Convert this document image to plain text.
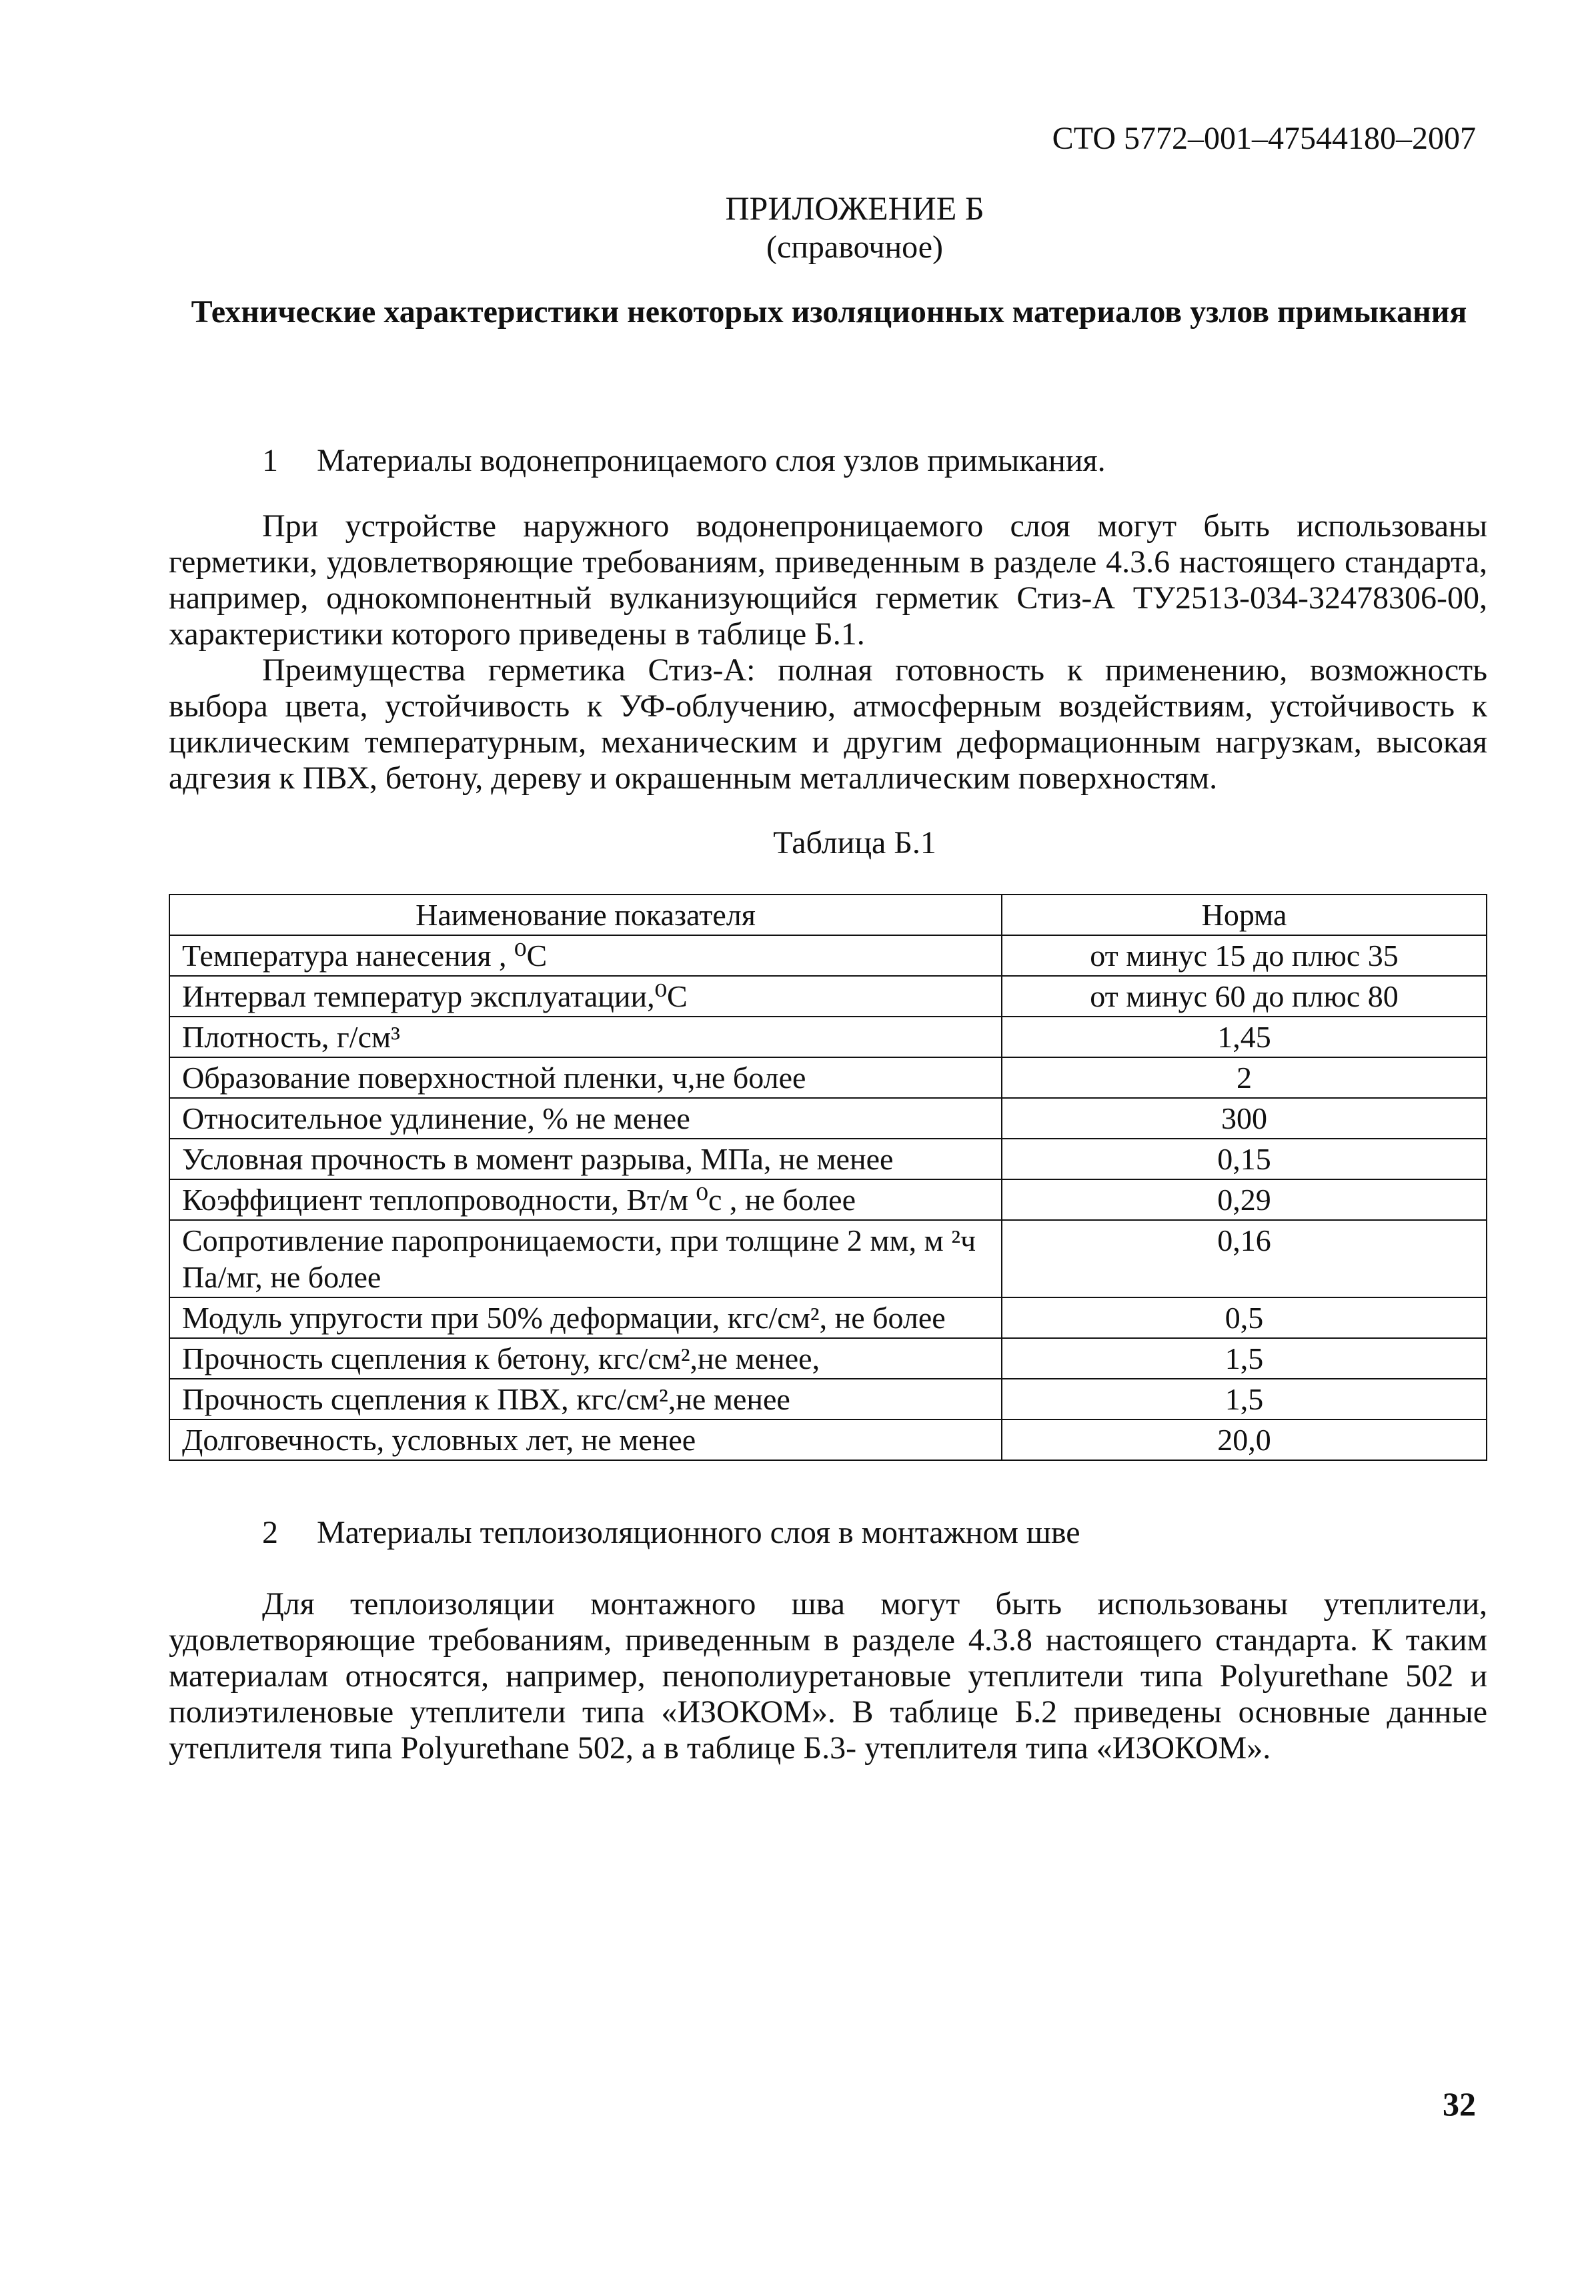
СТО 5772–001–47544180–2007
ПРИЛОЖЕНИЕ Б
(справочное)
Технические характеристики некоторых изоляционных материалов узлов примыкания
1 Материалы водонепроницаемого слоя узлов примыкания.
При устройстве наружного водонепроницаемого слоя могут быть использованы герметики, удовлетворяющие требованиям, приведенным в разделе 4.3.6 настоящего стандарта, например, однокомпонентный вулканизующийся герметик Стиз-А ТУ2513-034-32478306-00, характеристики которого приведены в таблице Б.1.
Преимущества герметика Стиз-А: полная готовность к применению, возможность выбора цвета, устойчивость к УФ-облучению, атмосферным воздействиям, устойчивость к циклическим температурным, механическим и другим деформационным нагрузкам, высокая адгезия к ПВХ, бетону, дереву и окрашенным металлическим поверхностям.
Таблица Б.1
Наименование показателя	Норма
Температура нанесения , ⁰С	от минус 15 до плюс 35
Интервал температур эксплуатации,⁰С	от минус 60 до плюс 80
Плотность, г/см³	1,45
Образование поверхностной пленки, ч,не более	2
Относительное удлинение, % не менее	300
Условная прочность в момент разрыва, МПа, не менее	0,15
Коэффициент теплопроводности, Вт/м ⁰с , не более	0,29
Сопротивление паропроницаемости, при толщине 2 мм, м ²ч Па/мг, не более	0,16
Модуль упругости при 50% деформации, кгс/см², не более	0,5
Прочность сцепления к бетону, кгс/см²,не менее,	1,5
Прочность сцепления к ПВХ, кгс/см²,не менее	1,5
Долговечность, условных лет, не менее	20,0
2 Материалы теплоизоляционного слоя в монтажном шве
Для теплоизоляции монтажного шва могут быть использованы утеплители, удовлетворяющие требованиям, приведенным в разделе 4.3.8 настоящего стандарта. К таким материалам относятся, например, пенополиуретановые утеплители типа Polyurethane 502 и полиэтиленовые утеплители типа «ИЗОКОМ». В таблице Б.2 приведены основные данные утеплителя типа Polyurethane 502, а в таблице Б.3- утеплителя типа «ИЗОКОМ».
32
